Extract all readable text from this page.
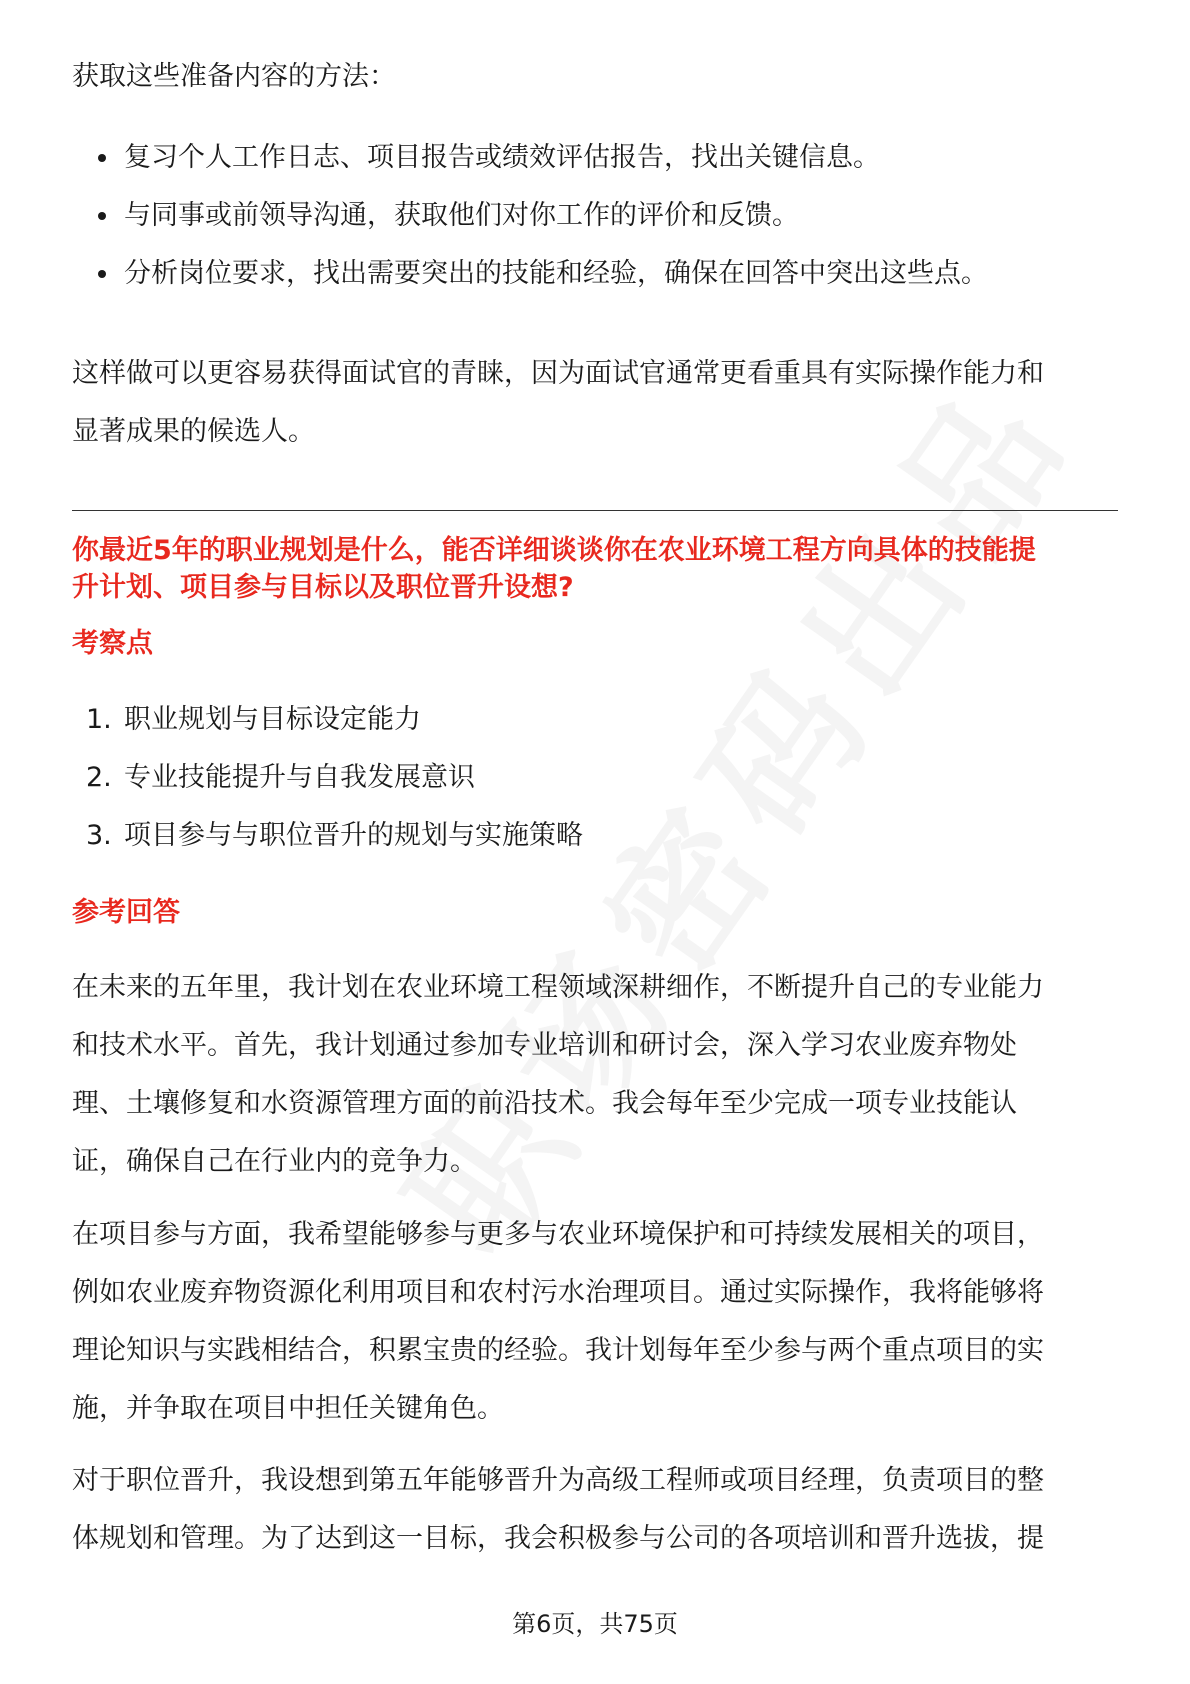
获取这些准备内容的方法：

复习个人工作日志、项目报告或绩效评估报告，找出关键信息。
与同事或前领导沟通，获取他们对你工作的评价和反馈。
分析岗位要求，找出需要突出的技能和经验，确保在回答中突出这些点。

这样做可以更容易获得面试官的青睐，因为面试官通常更看重具有实际操作能力和

显著成果的候选人。

你最近5年的职业规划是什么，能否详细谈谈你在农业环境工程方向具体的技能提

升计划、项目参与目标以及职位晋升设想?

考察点

1. 职业规划与目标设定能力
2. 专业技能提升与自我发展意识
3. 项目参与与职位晋升的规划与实施策略

参考回答

在未来的五年里，我计划在农业环境工程领域深耕细作，不断提升自己的专业能力

和技术水平。首先，我计划通过参加专业培训和研讨会，深入学习农业废弃物处

理、土壤修复和水资源管理方面的前沿技术。我会每年至少完成一项专业技能认

证，确保自己在行业内的竞争力。

在项目参与方面，我希望能够参与更多与农业环境保护和可持续发展相关的项目，

例如农业废弃物资源化利用项目和农村污水治理项目。通过实际操作，我将能够将

理论知识与实践相结合，积累宝贵的经验。我计划每年至少参与两个重点项目的实

施，并争取在项目中担任关键角色。

对于职位晋升，我设想到第五年能够晋升为高级工程师或项目经理，负责项目的整

体规划和管理。为了达到这一目标，我会积极参与公司的各项培训和晋升选拔，提

第6页，共75页
